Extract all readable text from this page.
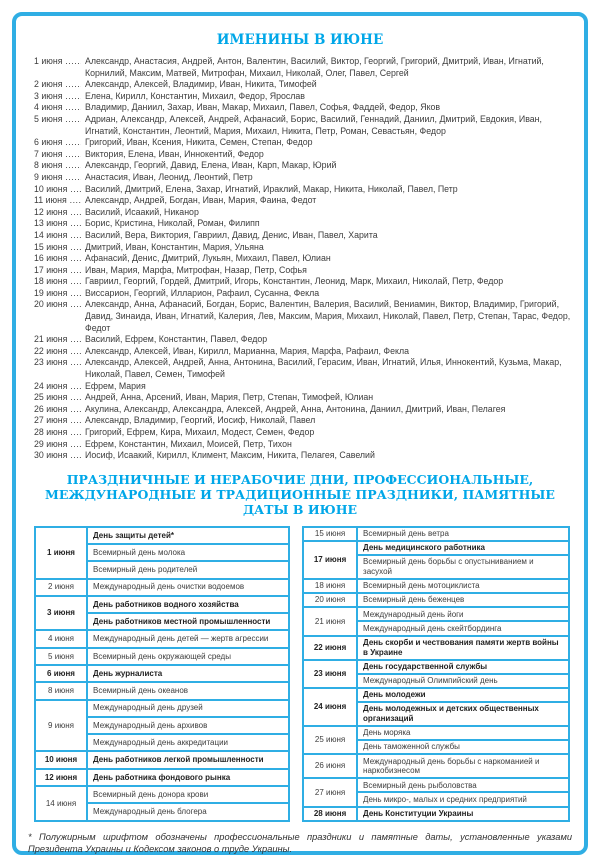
ИМЕНИНЫ В ИЮНЕ
1 июня .....	Александр, Анастасия, Андрей, Антон, Валентин, Василий, Виктор, Георгий, Григорий, Дмитрий, Иван, Игнатий, Корнилий, Максим, Матвей, Митрофан, Михаил, Николай, Олег, Павел, Сергей
2 июня .....	Александр, Алексей, Владимир, Иван, Никита, Тимофей
3 июня .....	Елена, Кирилл, Константин, Михаил, Федор, Ярослав
4 июня .....	Владимир, Даниил, Захар, Иван, Макар, Михаил, Павел, Софья, Фаддей, Федор, Яков
5 июня .....	Адриан, Александр, Алексей, Андрей, Афанасий, Борис, Василий, Геннадий, Даниил, Дмитрий, Евдокия, Иван, Игнатий, Константин, Леонтий, Мария, Михаил, Никита, Петр, Роман, Севастьян, Федор
6 июня .....	Григорий, Иван, Ксения, Никита, Семен, Степан, Федор
7 июня .....	Виктория, Елена, Иван, Иннокентий, Федор
8 июня .....	Александр, Георгий, Давид, Елена, Иван, Карп, Макар, Юрий
9 июня .....	Анастасия, Иван, Леонид, Леонтий, Петр
10 июня .....	Василий, Дмитрий, Елена, Захар, Игнатий, Ираклий, Макар, Никита, Николай, Павел, Петр
11 июня .....	Александр, Андрей, Богдан, Иван, Мария, Фаина, Федот
12 июня .....	Василий, Исаакий, Никанор
13 июня .....	Борис, Кристина, Николай, Роман, Филипп
14 июня .....	Василий, Вера, Виктория, Гавриил, Давид, Денис, Иван, Павел, Харита
15 июня .....	Дмитрий, Иван, Константин, Мария, Ульяна
16 июня .....	Афанасий, Денис, Дмитрий, Лукьян, Михаил, Павел, Юлиан
17 июня .....	Иван, Мария, Марфа, Митрофан, Назар, Петр, Софья
18 июня .....	Гавриил, Георгий, Гордей, Дмитрий, Игорь, Константин, Леонид, Марк, Михаил, Николай, Петр, Федор
19 июня .....	Виссарион, Георгий, Илларион, Рафаил, Сусанна, Фекла
20 июня .....	Александр, Анна, Афанасий, Богдан, Борис, Валентин, Валерия, Василий, Вениамин, Виктор, Владимир, Григорий, Давид, Зинаида, Иван, Игнатий, Калерия, Лев, Максим, Мария, Михаил, Николай, Павел, Петр, Степан, Тарас, Федор, Федот
21 июня .....	Василий, Ефрем, Константин, Павел, Федор
22 июня .....	Александр, Алексей, Иван, Кирилл, Марианна, Мария, Марфа, Рафаил, Фекла
23 июня .....	Александр, Алексей, Андрей, Анна, Антонина, Василий, Герасим, Иван, Игнатий, Илья, Иннокентий, Кузьма, Макар, Николай, Павел, Семен, Тимофей
24 июня .....	Ефрем, Мария
25 июня .....	Андрей, Анна, Арсений, Иван, Мария, Петр, Степан, Тимофей, Юлиан
26 июня .....	Акулина, Александр, Александра, Алексей, Андрей, Анна, Антонина, Даниил, Дмитрий, Иван, Пелагея
27 июня .....	Александр, Владимир, Георгий, Иосиф, Николай, Павел
28 июня .....	Григорий, Ефрем, Кира, Михаил, Модест, Семен, Федор
29 июня .....	Ефрем, Константин, Михаил, Моисей, Петр, Тихон
30 июня .....	Иосиф, Исаакий, Кирилл, Климент, Максим, Никита, Пелагея, Савелий
ПРАЗДНИЧНЫЕ И НЕРАБОЧИЕ ДНИ, ПРОФЕССИОНАЛЬНЫЕ, МЕЖДУНАРОДНЫЕ И ТРАДИЦИОННЫЕ ПРАЗДНИКИ, ПАМЯТНЫЕ ДАТЫ В ИЮНЕ
1 июня	День защиты детей*
	Всемирный день молока
	Всемирный день родителей
2 июня	Международный день очистки водоемов
3 июня	День работников водного хозяйства
	День работников местной промышленности
4 июня	Международный день детей — жертв агрессии
5 июня	Всемирный день окружающей среды
6 июня	День журналиста
8 июня	Всемирный день океанов
9 июня	Международный день друзей
	Международный день архивов
	Международный день аккредитации
10 июня	День работников легкой промышленности
12 июня	День работника фондового рынка
14 июня	Всемирный день донора крови
	Международный день блогера
15 июня	Всемирный день ветра
17 июня	День медицинского работника
	Всемирный день борьбы с опустыниванием и засухой
18 июня	Всемирный день мотоциклиста
20 июня	Всемирный день беженцев
21 июня	Международный день йоги
	Международный день скейтбординга
22 июня	День скорби и чествования памяти жертв войны в Украине
23 июня	День государственной службы
	Международный Олимпийский день
24 июня	День молодежи
	День молодежных и детских общественных организаций
25 июня	День моряка
	День таможенной службы
26 июня	Международный день борьбы с наркоманией и наркобизнесом
27 июня	Всемирный день рыболовства
	День микро-, малых и средних предприятий
28 июня	День Конституции Украины

* Полужирным шрифтом обозначены профессиональные праздники и памятные даты, установленные указами Президента Украины и Кодексом законов о труде Украины.
